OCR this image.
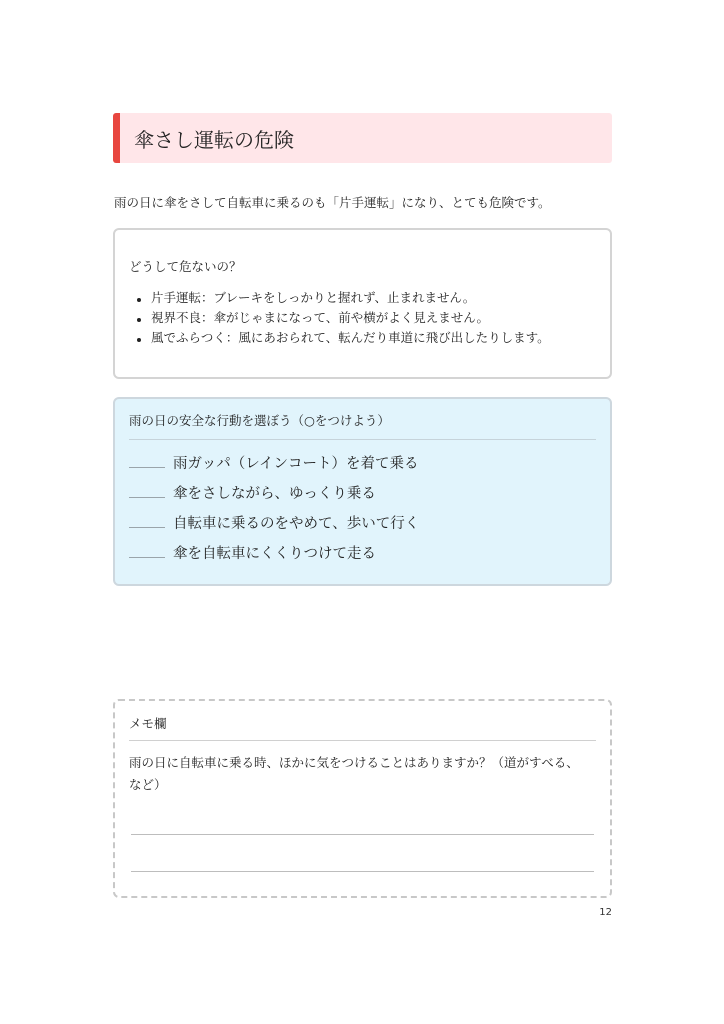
傘さし運転の危険

雨の日に傘をさして自転車に乗るのも「片手運転」になり、とても危険です。

どうして危ないの？
片手運転：ブレーキをしっかりと握れず、止まれません。
視界不良：傘がじゃまになって、前や横がよく見えません。
風でふらつく：風にあおられて、転んだり車道に飛び出したりします。
雨の日の安全な行動を選ぼう（○をつけよう）
雨ガッパ（レインコート）を着て乗る
傘をさしながら、ゆっくり乗る
自転車に乗るのをやめて、歩いて行く
傘を自転車にくくりつけて走る
メモ欄
雨の日に自転車に乗る時、ほかに気をつけることはありますか？（道がすべる、など）
12
